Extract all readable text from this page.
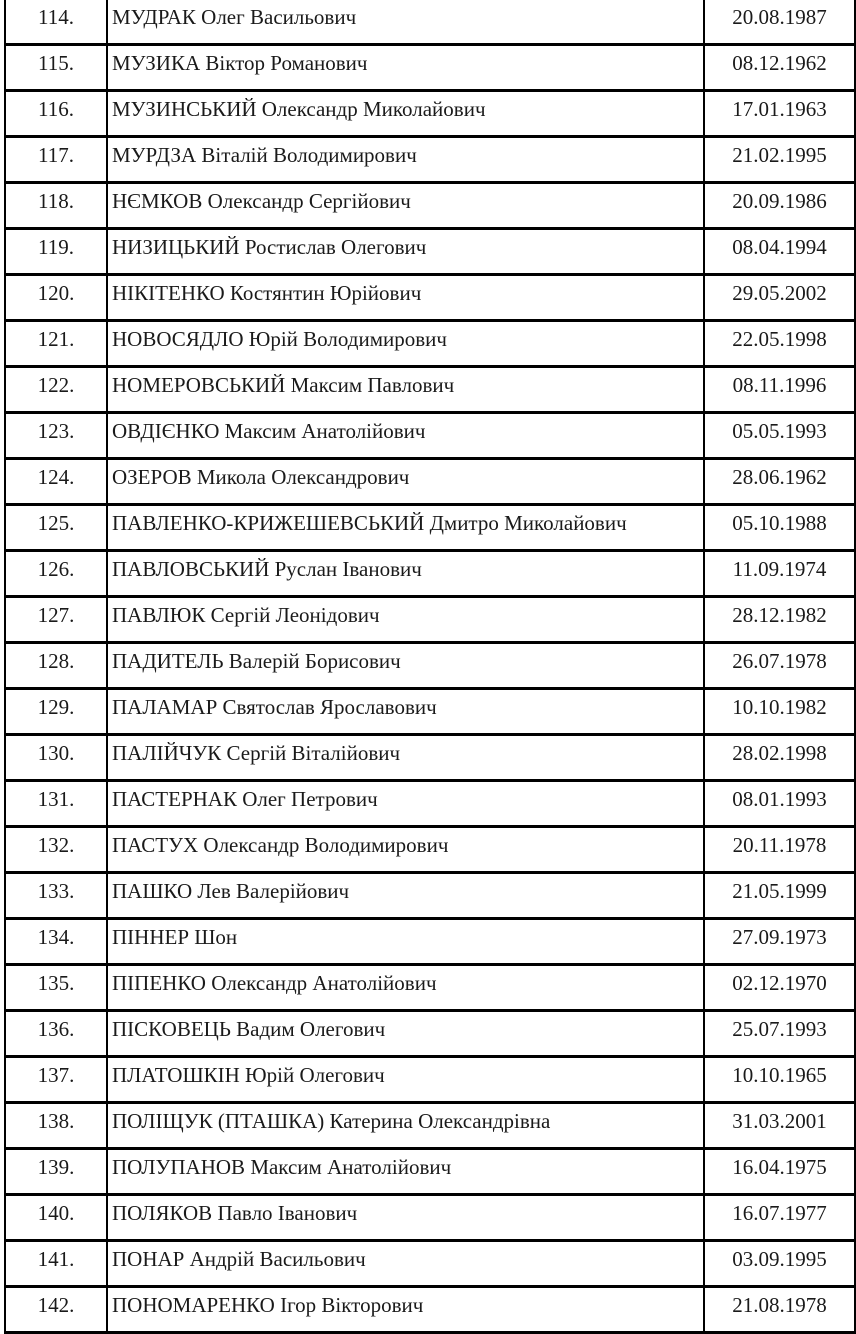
114.	МУДРАК Олег Васильович	20.08.1987
115.	МУЗИКА Віктор Романович	08.12.1962
116.	МУЗИНСЬКИЙ Олександр Миколайович	17.01.1963
117.	МУРДЗА Віталій Володимирович	21.02.1995
118.	НЄМКОВ Олександр Сергійович	20.09.1986
119.	НИЗИЦЬКИЙ Ростислав Олегович	08.04.1994
120.	НІКІТЕНКО Костянтин Юрійович	29.05.2002
121.	НОВОСЯДЛО Юрій Володимирович	22.05.1998
122.	НОМЕРОВСЬКИЙ Максим Павлович	08.11.1996
123.	ОВДІЄНКО Максим Анатолійович	05.05.1993
124.	ОЗЕРОВ Микола Олександрович	28.06.1962
125.	ПАВЛЕНКО-КРИЖЕШЕВСЬКИЙ Дмитро Миколайович	05.10.1988
126.	ПАВЛОВСЬКИЙ Руслан Іванович	11.09.1974
127.	ПАВЛЮК Сергій Леонідович	28.12.1982
128.	ПАДИТЕЛЬ Валерій Борисович	26.07.1978
129.	ПАЛАМАР Святослав Ярославович	10.10.1982
130.	ПАЛІЙЧУК Сергій Віталійович	28.02.1998
131.	ПАСТЕРНАК Олег Петрович	08.01.1993
132.	ПАСТУХ Олександр Володимирович	20.11.1978
133.	ПАШКО Лев Валерійович	21.05.1999
134.	ПІННЕР Шон	27.09.1973
135.	ПІПЕНКО Олександр Анатолійович	02.12.1970
136.	ПІСКОВЕЦЬ Вадим Олегович	25.07.1993
137.	ПЛАТОШКІН Юрій Олегович	10.10.1965
138.	ПОЛІЩУК (ПТАШКА) Катерина Олександрівна	31.03.2001
139.	ПОЛУПАНОВ Максим Анатолійович	16.04.1975
140.	ПОЛЯКОВ Павло Іванович	16.07.1977
141.	ПОНАР Андрій Васильович	03.09.1995
142.	ПОНОМАРЕНКО Ігор Вікторович	21.08.1978
